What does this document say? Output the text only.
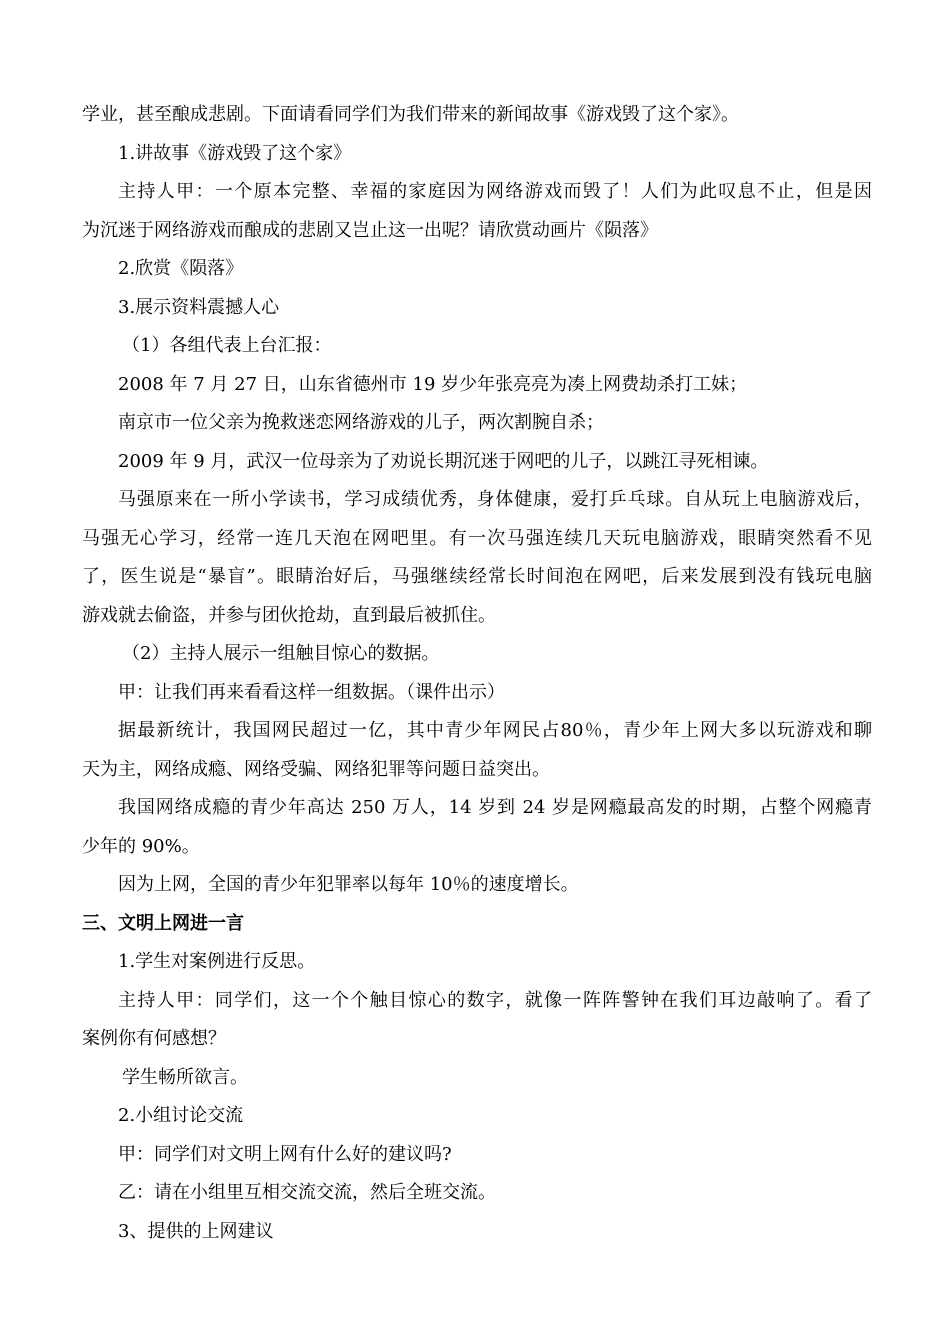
学业，甚至酿成悲剧。下面请看同学们为我们带来的新闻故事《游戏毁了这个家》。

1.讲故事《游戏毁了这个家》

主持人甲：一个原本完整、幸福的家庭因为网络游戏而毁了！人们为此叹息不止，但是因

为沉迷于网络游戏而酿成的悲剧又岂止这一出呢？请欣赏动画片《陨落》

2.欣赏《陨落》

3.展示资料震撼人心

（1）各组代表上台汇报：

2008 年 7 月 27 日，山东省德州市 19 岁少年张亮亮为凑上网费劫杀打工妹；

南京市一位父亲为挽救迷恋网络游戏的儿子，两次割腕自杀；

2009 年 9 月，武汉一位母亲为了劝说长期沉迷于网吧的儿子，以跳江寻死相谏。

马强原来在一所小学读书，学习成绩优秀，身体健康，爱打乒乓球。自从玩上电脑游戏后，

马强无心学习，经常一连几天泡在网吧里。有一次马强连续几天玩电脑游戏，眼睛突然看不见

了，医生说是“暴盲”。眼睛治好后，马强继续经常长时间泡在网吧，后来发展到没有钱玩电脑

游戏就去偷盗，并参与团伙抢劫，直到最后被抓住。

（2）主持人展示一组触目惊心的数据。

甲：让我们再来看看这样一组数据。（课件出示）

据最新统计，我国网民超过一亿，其中青少年网民占80％，青少年上网大多以玩游戏和聊

天为主，网络成瘾、网络受骗、网络犯罪等问题日益突出。

我国网络成瘾的青少年高达 250 万人，14 岁到 24 岁是网瘾最高发的时期，占整个网瘾青

少年的 90%。

因为上网，全国的青少年犯罪率以每年 10％的速度增长。

三、文明上网进一言

1.学生对案例进行反思。

主持人甲：同学们，这一个个触目惊心的数字，就像一阵阵警钟在我们耳边敲响了。看了

案例你有何感想？

学生畅所欲言。

2.小组讨论交流

甲：同学们对文明上网有什么好的建议吗?

乙：请在小组里互相交流交流，然后全班交流。

3、提供的上网建议
